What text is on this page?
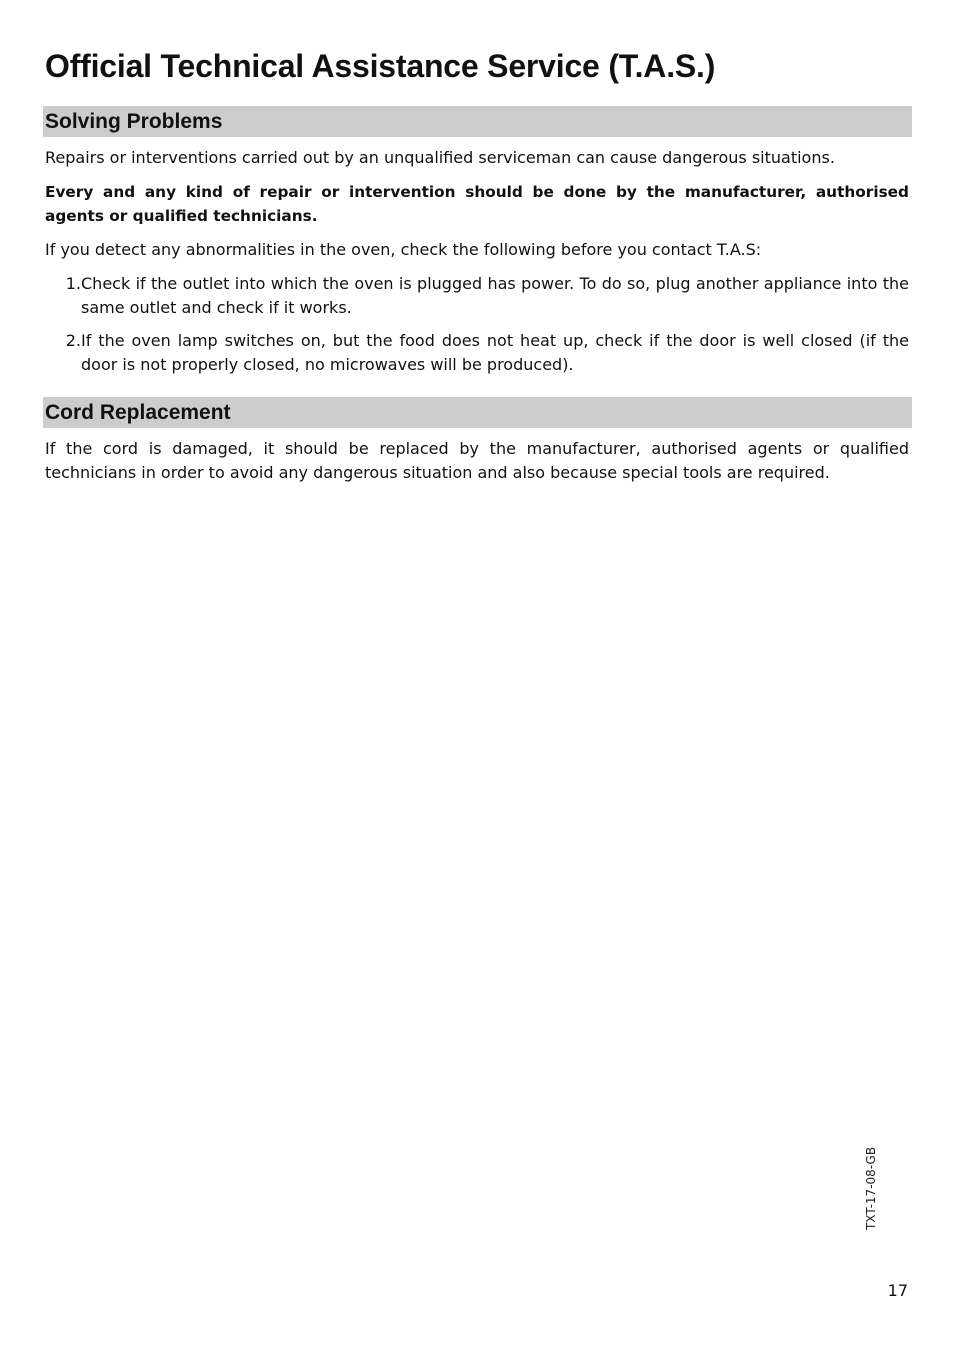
Official Technical Assistance Service (T.A.S.)
Solving Problems

Repairs or interventions carried out by an unqualified serviceman can cause dangerous situations.

Every and any kind of repair or intervention should be done by the manufacturer, authorised agents or qualified technicians.

If you detect any abnormalities in the oven, check the following before you contact T.A.S:

1. Check if the outlet into which the oven is plugged has power. To do so, plug another appliance into the same outlet and check if it works.
2. If the oven lamp switches on, but the food does not heat up, check if the door is well closed (if the door is not properly closed, no microwaves will be produced).
Cord Replacement

If the cord is damaged, it should be replaced by the manufacturer, authorised agents or qualified technicians in order to avoid any dangerous situation and also because special tools are required.

TXT-17-08-GB
17
